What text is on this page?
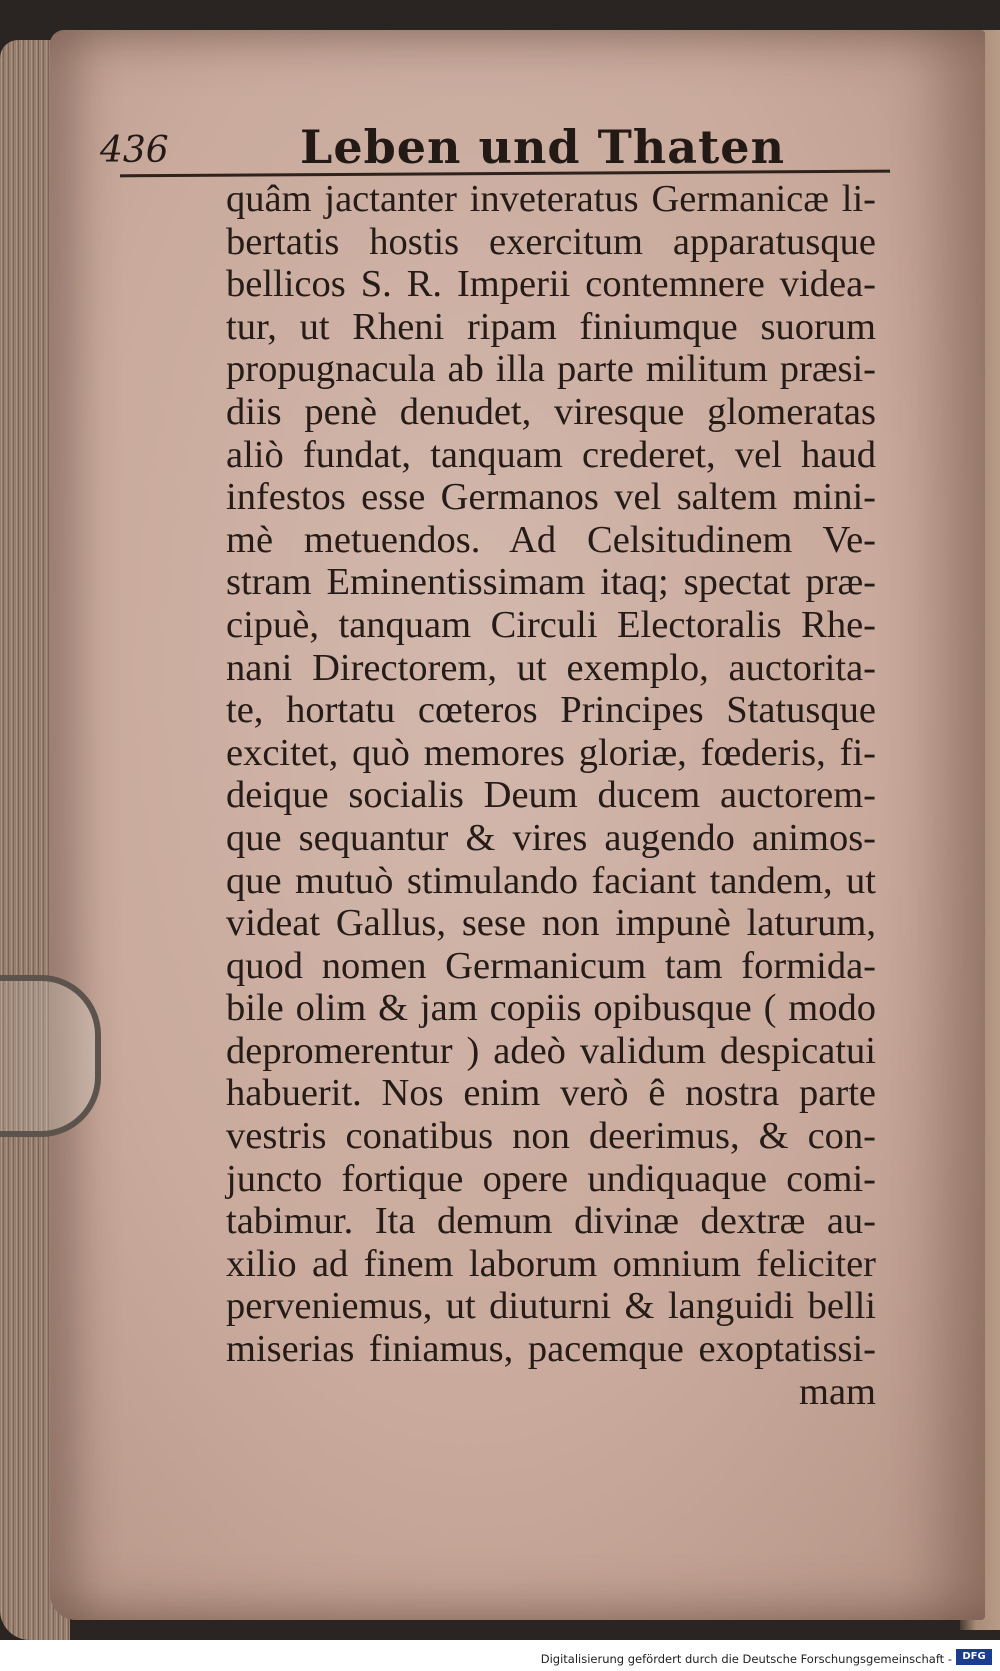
436	Leben und Thaten
quâm jactanter inveteratus Germanicæ li-
bertatis hostis exercitum apparatusque
bellicos S. R. Imperii contemnere videa-
tur, ut Rheni ripam finiumque suorum
propugnacula ab illa parte militum præsi-
diis penè denudet, viresque glomeratas
aliò fundat, tanquam crederet, vel haud
infestos esse Germanos vel saltem mini-
mè metuendos. Ad Celsitudinem Ve-
stram Eminentissimam itaq; spectat præ-
cipuè, tanquam Circuli Electoralis Rhe-
nani Directorem, ut exemplo, auctorita-
te, hortatu cœteros Principes Statusque
excitet, quò memores gloriæ, fœderis, fi-
deique socialis Deum ducem auctorem-
que sequantur & vires augendo animos-
que mutuò stimulando faciant tandem, ut
videat Gallus, sese non impunè laturum,
quod nomen Germanicum tam formida-
bile olim & jam copiis opibusque ( modo
depromerentur ) adeò validum despicatui
habuerit. Nos enim verò ê nostra parte
vestris conatibus non deerimus, & con-
juncto fortique opere undiquaque comi-
tabimur. Ita demum divinæ dextræ au-
xilio ad finem laborum omnium feliciter
perveniemus, ut diuturni & languidi belli
miserias finiamus, pacemque exoptatissi-
mam
Digitalisierung gefördert durch die Deutsche Forschungsgemeinschaft -	DFG
